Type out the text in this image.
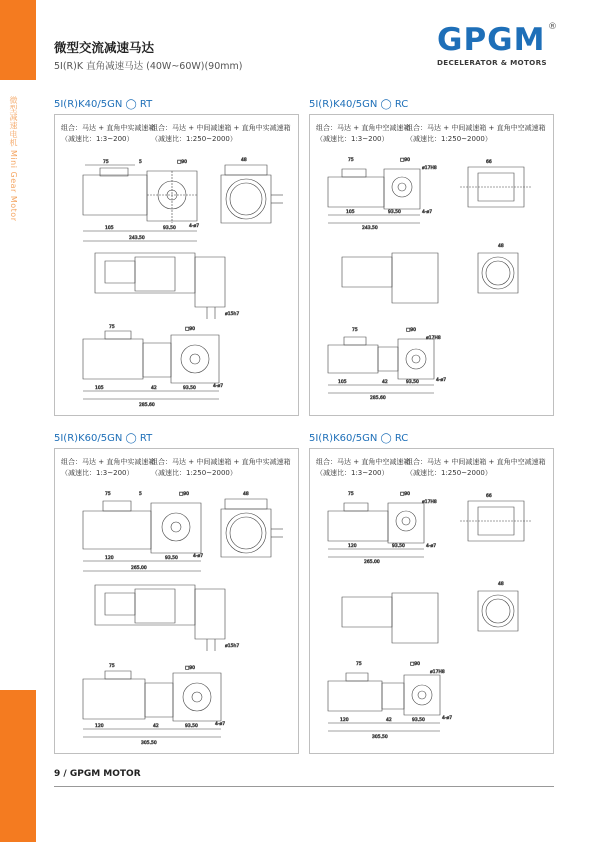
微型减速电机 Mini Gear Motor
微型交流减速马达
5I(R)K 直角减速马达 (40W~60W)(90mm)
GPGM ®
DECELERATOR & MOTORS
5I(R)K40/5GN ◯ RT
组合：马达 + 直角中实减速箱
（减速比：1:3~200）
组合：马达 + 中间减速箱 + 直角中实减速箱
（减速比：1:250~2000）
75	5	□90
105	93.50
243.50
4-ø7
48
ø15h7
75	□90
105	42	93.50
285.60
4-ø7
5I(R)K40/5GN ◯ RC
组合：马达 + 直角中空减速箱
（减速比：1:3~200）
组合：马达 + 中间减速箱 + 直角中空减速箱
（减速比：1:250~2000）
75	□90
ø17H8
105	93.50
243.50
4-ø7
66
48
75	□90
ø17H8
105	42	93.50
285.60
4-ø7
5I(R)K60/5GN ◯ RT
组合：马达 + 直角中实减速箱
（减速比：1:3~200）
组合：马达 + 中间减速箱 + 直角中实减速箱
（减速比：1:250~2000）
75	5	□90
120	93.50
265.00
4-ø7
48
ø15h7
75	□90
120	42	93.50
305.50
4-ø7
5I(R)K60/5GN ◯ RC
组合：马达 + 直角中空减速箱
（减速比：1:3~200）
组合：马达 + 中间减速箱 + 直角中空减速箱
（减速比：1:250~2000）
75	□90
ø17H8
120	93.50
265.00
4-ø7
66
48
75	□90
ø17H8
120	42	93.50
305.50
4-ø7
9 / GPGM MOTOR
